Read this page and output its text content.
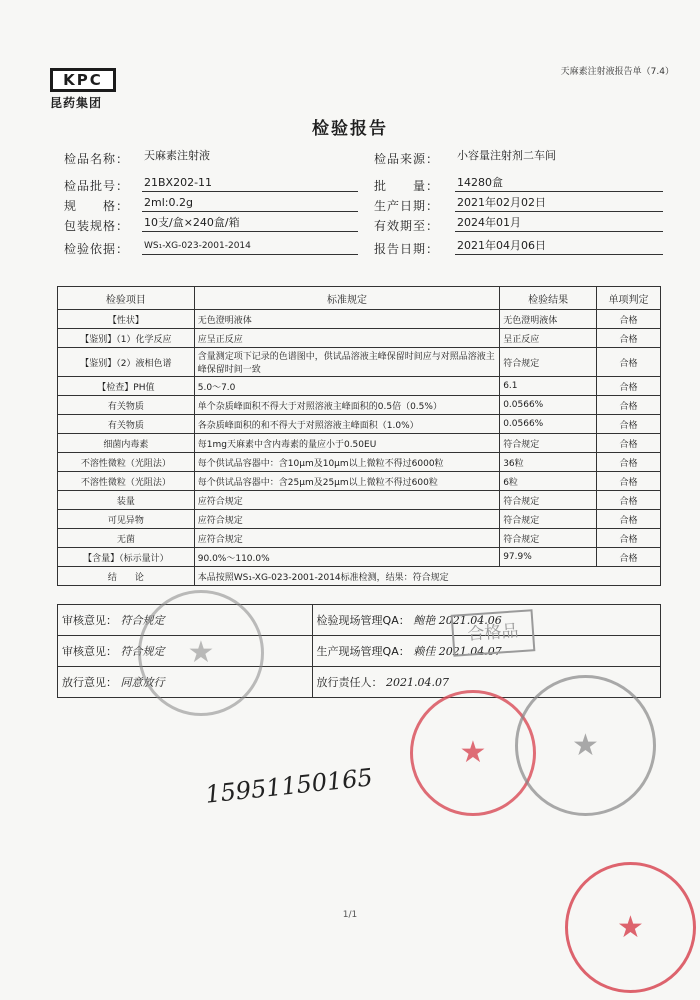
天麻素注射液报告单（7.4）
KPC
昆药集团
检验报告
检品名称： 天麻素注射液	检品来源： 小容量注射剂二车间
检品批号： 21BX202-11	批　　量： 14280盒
规　　格： 2ml:0.2g	生产日期： 2021年02月02日
包装规格： 10支/盒×240盒/箱	有效期至： 2024年01月
检验依据： WS₁-XG-023-2001-2014	报告日期： 2021年04月06日
检验项目	标准规定	检验结果	单项判定
【性状】	无色澄明液体	无色澄明液体	合格
【鉴别】（1）化学反应	应呈正反应	呈正反应	合格
【鉴别】（2）液相色谱	含量测定项下记录的色谱图中，供试品溶液主峰保留时间应与对照品溶液主峰保留时间一致	符合规定	合格
【检查】PH值	5.0～7.0	6.1	合格
有关物质	单个杂质峰面积不得大于对照溶液主峰面积的0.5倍（0.5%）	0.0566%	合格
有关物质	各杂质峰面积的和不得大于对照溶液主峰面积（1.0%）	0.0566%	合格
细菌内毒素	每1mg天麻素中含内毒素的量应小于0.50EU	符合规定	合格
不溶性微粒（光阻法）	每个供试品容器中：含10μm及10μm以上微粒不得过6000粒	36粒	合格
不溶性微粒（光阻法）	每个供试品容器中：含25μm及25μm以上微粒不得过600粒	6粒	合格
装量	应符合规定	符合规定	合格
可见异物	应符合规定	符合规定	合格
无菌	应符合规定	符合规定	合格
【含量】（标示量计）	90.0%～110.0%	97.9%	合格
结　　论	本品按照WS₁-XG-023-2001-2014标准检测，结果：符合规定		
审核意见： 符合规定	检验现场管理QA： 鲍艳 2021.04.06
审核意见： 符合规定	生产现场管理QA： 赖佳 2021.04.07
放行意见： 同意放行	放行责任人： 2021.04.07
合格品
★
★	★
★
15951150165
1/1
